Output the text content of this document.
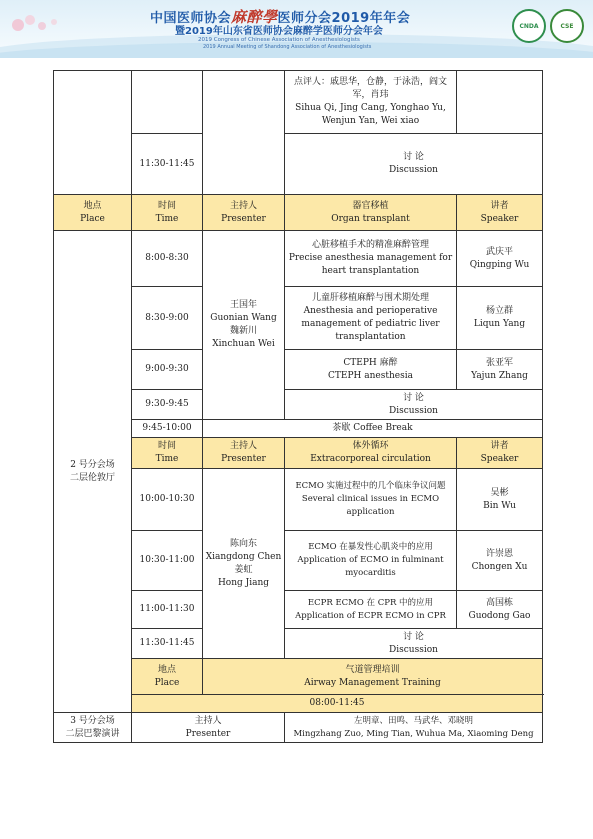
中国医师协会麻醉學医师分会2019年年会
暨2019年山东省医师协会麻醉学医师分会年会
2019 Congress of Chinese Association of Anesthesiologists
2019 Annual Meeting of Shandong Association of Anesthesiologists
CNDA	CSE

			点评人：戚思华，仓静，于泳浩，阎文军，肖玮
Sihua Qi, Jing Cang, Yonghao Yu, Wenjun Yan, Wei xiao	

	11:30-11:45		讨 论
Discussion	

地点
Place	时间
Time	主持人
Presenter	器官移植
Organ transplant	讲者
Speaker

2 号分会场
二层伦敦厅	8:00-8:30	王国年
Guonian Wang
魏新川
Xinchuan Wei	心脏移植手术的精准麻醉管理
Precise anesthesia management for heart transplantation	武庆平
Qingping Wu

	8:30-9:00		儿童肝移植麻醉与围术期处理
Anesthesia and perioperative management of pediatric liver transplantation	杨立群
Liqun Yang

	9:00-9:30		CTEPH 麻醉
CTEPH anesthesia	张亚军
Yajun Zhang

	9:30-9:45		讨 论
Discussion	

	9:45-10:00	茶歇 Coffee Break		

	时间
Time	主持人
Presenter	体外循环
Extracorporeal circulation	讲者
Speaker

	10:00-10:30	陈向东
Xiangdong Chen
姜虹
Hong Jiang	ECMO 实施过程中的几个临床争议问题
Several clinical issues in ECMO application	吴彬
Bin Wu

	10:30-11:00		ECMO 在暴发性心肌炎中的应用
Application of ECMO in fulminant myocarditis	许崇恩
Chongen Xu

	11:00-11:30		ECPR ECMO 在 CPR 中的应用
Application of ECPR ECMO in CPR	高国栋
Guodong Gao

	11:30-11:45		讨 论
Discussion	

	地点
Place	气道管理培训
Airway Management Training		

	08:00-11:45			

3 号分会场
二层巴黎演讲	主持人
Presenter		左明章、田鸣、马武华、邓晓明
Mingzhang Zuo, Ming Tian, Wuhua Ma, Xiaoming Deng	
